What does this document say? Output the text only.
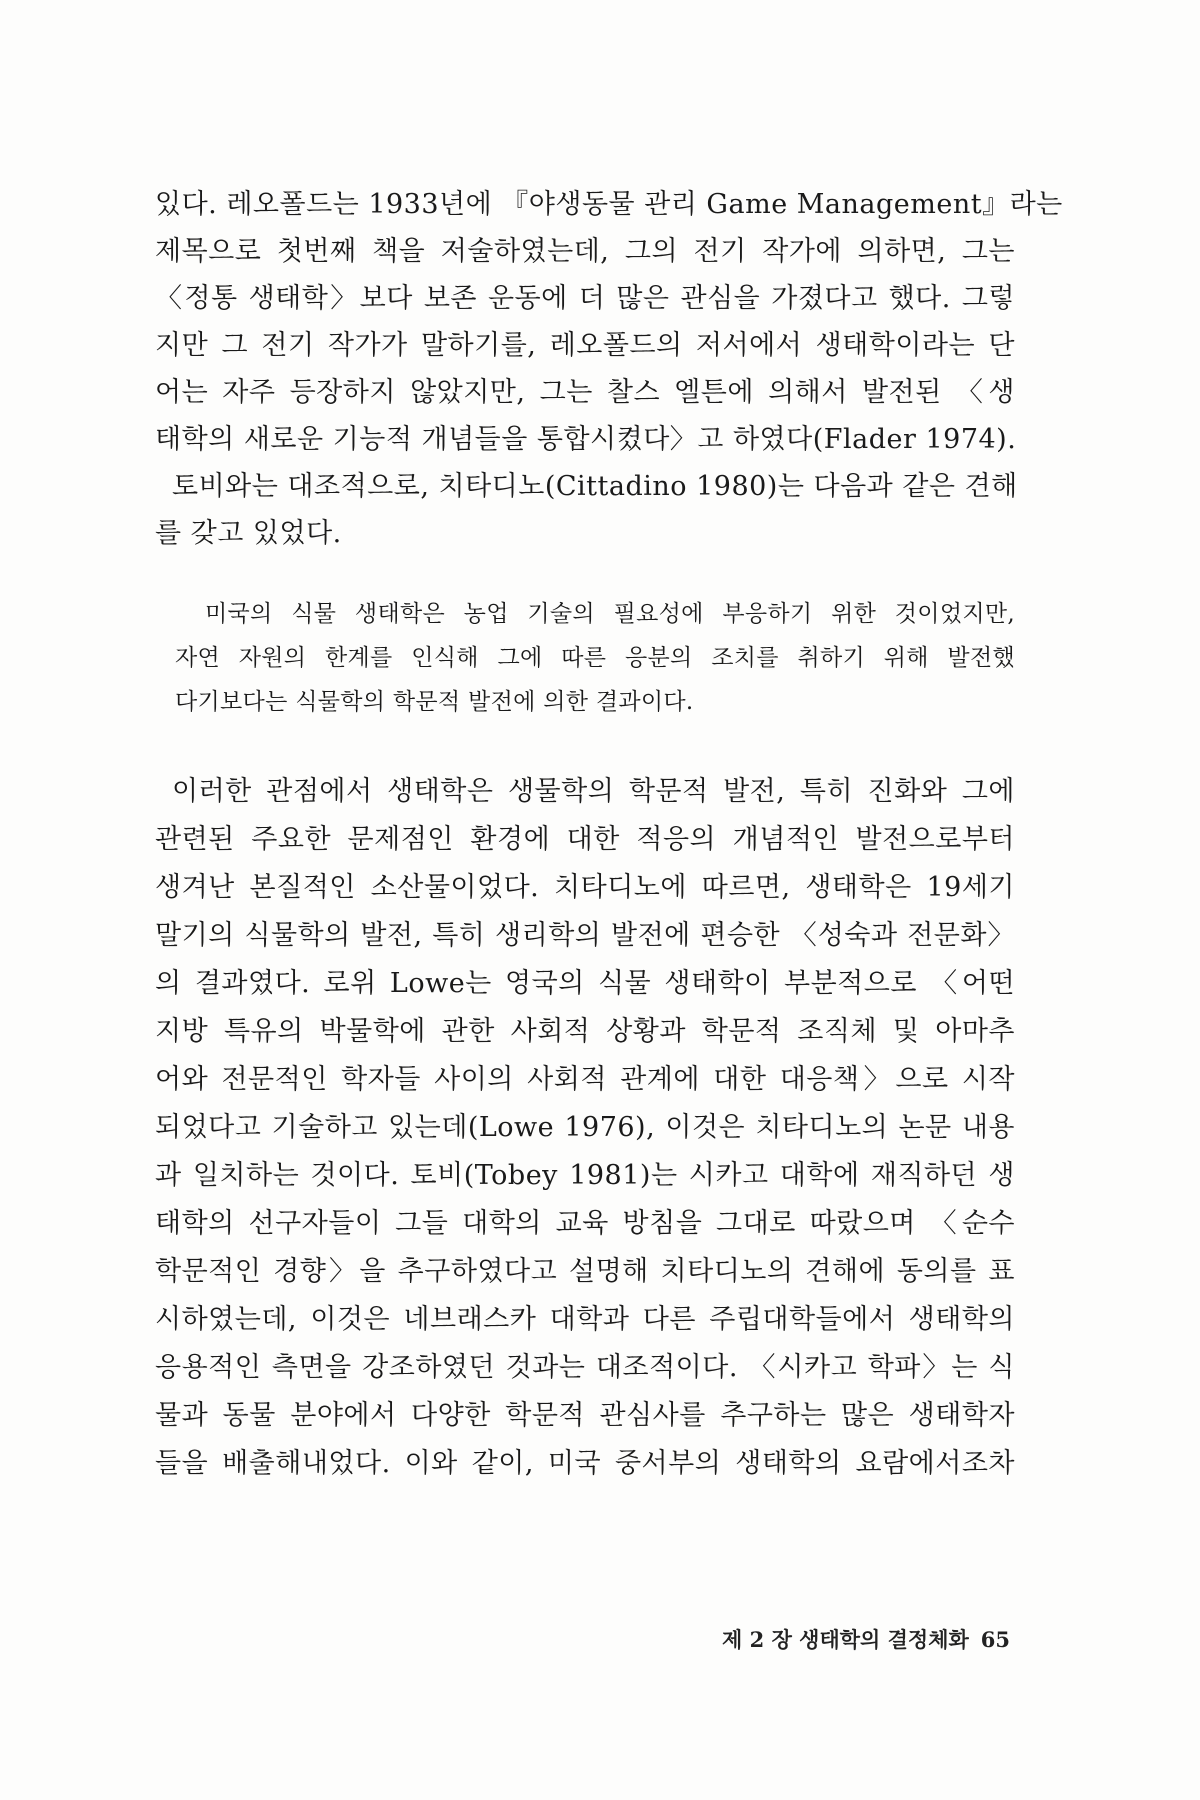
있다. 레오폴드는 1933년에 『야생동물 관리 Game Management』라는

제목으로 첫번째 책을 저술하였는데, 그의 전기 작가에 의하면, 그는

〈정통 생태학〉보다 보존 운동에 더 많은 관심을 가졌다고 했다. 그렇

지만 그 전기 작가가 말하기를, 레오폴드의 저서에서 생태학이라는 단

어는 자주 등장하지 않았지만, 그는 찰스 엘튼에 의해서 발전된 〈생

태학의 새로운 기능적 개념들을 통합시켰다〉고 하였다(Flader 1974).

토비와는 대조적으로, 치타디노(Cittadino 1980)는 다음과 같은 견해

를 갖고 있었다.

미국의 식물 생태학은 농업 기술의 필요성에 부응하기 위한 것이었지만,

자연 자원의 한계를 인식해 그에 따른 응분의 조치를 취하기 위해 발전했

다기보다는 식물학의 학문적 발전에 의한 결과이다.

이러한 관점에서 생태학은 생물학의 학문적 발전, 특히 진화와 그에

관련된 주요한 문제점인 환경에 대한 적응의 개념적인 발전으로부터

생겨난 본질적인 소산물이었다. 치타디노에 따르면, 생태학은 19세기

말기의 식물학의 발전, 특히 생리학의 발전에 편승한 〈성숙과 전문화〉

의 결과였다. 로위 Lowe는 영국의 식물 생태학이 부분적으로 〈어떤

지방 특유의 박물학에 관한 사회적 상황과 학문적 조직체 및 아마추

어와 전문적인 학자들 사이의 사회적 관계에 대한 대응책〉으로 시작

되었다고 기술하고 있는데(Lowe 1976), 이것은 치타디노의 논문 내용

과 일치하는 것이다. 토비(Tobey 1981)는 시카고 대학에 재직하던 생

태학의 선구자들이 그들 대학의 교육 방침을 그대로 따랐으며 〈순수

학문적인 경향〉을 추구하였다고 설명해 치타디노의 견해에 동의를 표

시하였는데, 이것은 네브래스카 대학과 다른 주립대학들에서 생태학의

응용적인 측면을 강조하였던 것과는 대조적이다. 〈시카고 학파〉는 식

물과 동물 분야에서 다양한 학문적 관심사를 추구하는 많은 생태학자

들을 배출해내었다. 이와 같이, 미국 중서부의 생태학의 요람에서조차

제 2 장 생태학의 결정체화 65
